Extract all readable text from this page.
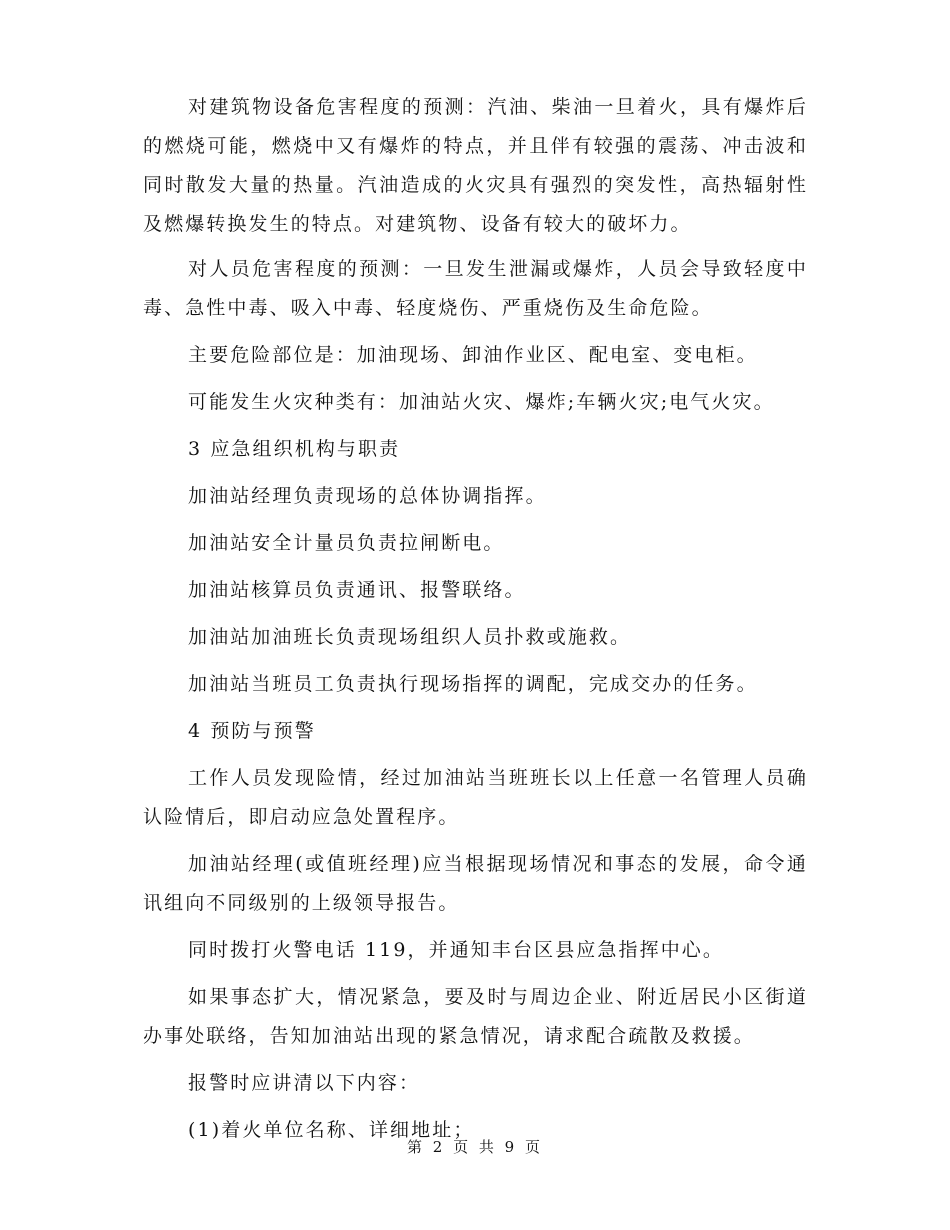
对建筑物设备危害程度的预测：汽油、柴油一旦着火，具有爆炸后的燃烧可能，燃烧中又有爆炸的特点，并且伴有较强的震荡、冲击波和同时散发大量的热量。汽油造成的火灾具有强烈的突发性，高热辐射性及燃爆转换发生的特点。对建筑物、设备有较大的破坏力。

对人员危害程度的预测：一旦发生泄漏或爆炸，人员会导致轻度中毒、急性中毒、吸入中毒、轻度烧伤、严重烧伤及生命危险。

主要危险部位是：加油现场、卸油作业区、配电室、变电柜。

可能发生火灾种类有：加油站火灾、爆炸;车辆火灾;电气火灾。

3 应急组织机构与职责

加油站经理负责现场的总体协调指挥。

加油站安全计量员负责拉闸断电。

加油站核算员负责通讯、报警联络。

加油站加油班长负责现场组织人员扑救或施救。

加油站当班员工负责执行现场指挥的调配，完成交办的任务。

4 预防与预警

工作人员发现险情，经过加油站当班班长以上任意一名管理人员确认险情后，即启动应急处置程序。

加油站经理(或值班经理)应当根据现场情况和事态的发展，命令通讯组向不同级别的上级领导报告。

同时拨打火警电话 119，并通知丰台区县应急指挥中心。

如果事态扩大，情况紧急，要及时与周边企业、附近居民小区街道办事处联络，告知加油站出现的紧急情况，请求配合疏散及救援。

报警时应讲清以下内容：

(1)着火单位名称、详细地址；

第 2 页 共 9 页
